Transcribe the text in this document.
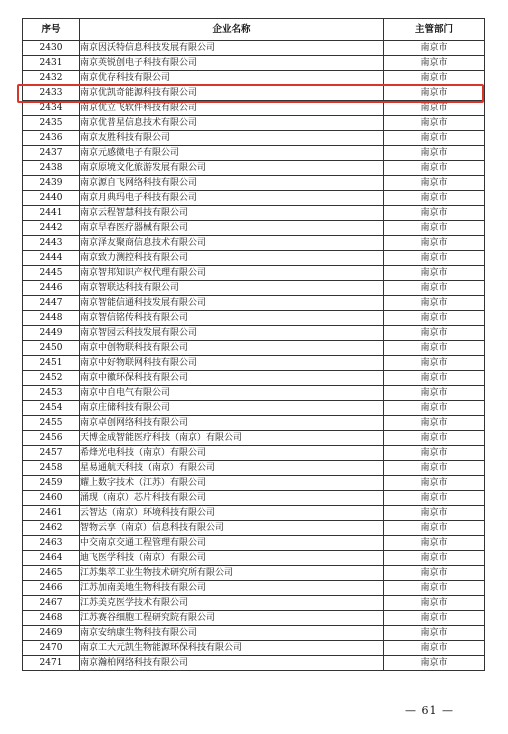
序号	企业名称	主管部门
2430	南京因沃特信息科技发展有限公司	南京市
2431	南京英锐创电子科技有限公司	南京市
2432	南京优存科技有限公司	南京市
2433	南京优凯奇能源科技有限公司	南京市
2434	南京优立飞软件科技有限公司	南京市
2435	南京优普星信息技术有限公司	南京市
2436	南京友胜科技有限公司	南京市
2437	南京元感微电子有限公司	南京市
2438	南京原境文化旅游发展有限公司	南京市
2439	南京源自飞网络科技有限公司	南京市
2440	南京月典玛电子科技有限公司	南京市
2441	南京云程智慧科技有限公司	南京市
2442	南京早春医疗器械有限公司	南京市
2443	南京泽友聚商信息技术有限公司	南京市
2444	南京致力测控科技有限公司	南京市
2445	南京智邦知识产权代理有限公司	南京市
2446	南京智联达科技有限公司	南京市
2447	南京智能信通科技发展有限公司	南京市
2448	南京智信铭传科技有限公司	南京市
2449	南京智园云科技发展有限公司	南京市
2450	南京中创物联科技有限公司	南京市
2451	南京中好物联网科技有限公司	南京市
2452	南京中徽环保科技有限公司	南京市
2453	南京中自电气有限公司	南京市
2454	南京庄储科技有限公司	南京市
2455	南京卓创网络科技有限公司	南京市
2456	天博金成智能医疗科技（南京）有限公司	南京市
2457	希烽光电科技（南京）有限公司	南京市
2458	星易通航天科技（南京）有限公司	南京市
2459	耀上数字技术（江苏）有限公司	南京市
2460	涌现（南京）芯片科技有限公司	南京市
2461	云智达（南京）环境科技有限公司	南京市
2462	智物云享（南京）信息科技有限公司	南京市
2463	中交南京交通工程管理有限公司	南京市
2464	迪飞医学科技（南京）有限公司	南京市
2465	江苏集萃工业生物技术研究所有限公司	南京市
2466	江苏加南美地生物科技有限公司	南京市
2467	江苏美克医学技术有限公司	南京市
2468	江苏赛谷细胞工程研究院有限公司	南京市
2469	南京安纳康生物科技有限公司	南京市
2470	南京工大元凯生物能源环保科技有限公司	南京市
2471	南京瀚柏网络科技有限公司	南京市
— 61 —
